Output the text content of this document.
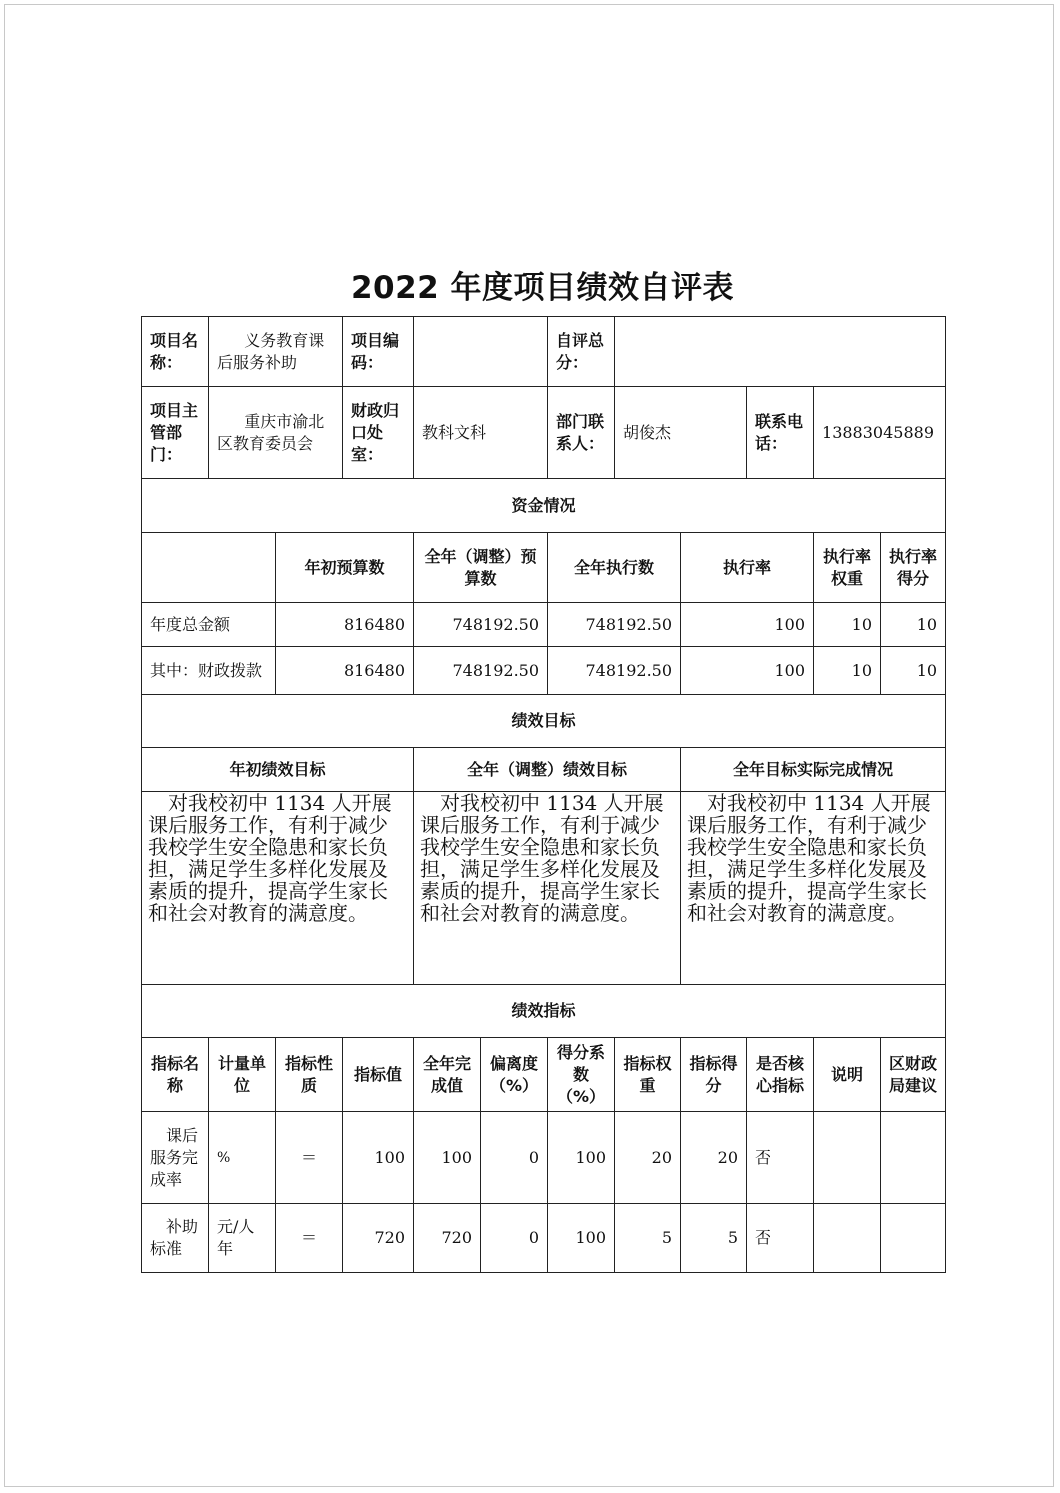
2022 年度项目绩效自评表
项目名称：	义务教育课后服务补助		项目编码：			自评总分：					
项目主管部门：	重庆市渝北区教育委员会		财政归口处室：	教科文科		部门联系人：	胡俊杰		联系电话：	13883045889	
资金情况											
		年初预算数		全年（调整）预算数		全年执行数		执行率		执行率权重	执行率得分
年度总金额		816480		748192.50		748192.50		100		10	10
其中：财政拨款		816480		748192.50		748192.50		100		10	10
绩效目标											
年初绩效目标				全年（调整）绩效目标				全年目标实际完成情况			
对我校初中 1134 人开展课后服务工作，有利于减少我校学生安全隐患和家长负担，满足学生多样化发展及素质的提升，提高学生家长和社会对教育的满意度。				对我校初中 1134 人开展课后服务工作，有利于减少我校学生安全隐患和家长负担，满足学生多样化发展及素质的提升，提高学生家长和社会对教育的满意度。				对我校初中 1134 人开展课后服务工作，有利于减少我校学生安全隐患和家长负担，满足学生多样化发展及素质的提升，提高学生家长和社会对教育的满意度。			
绩效指标											
指标名称	计量单位	指标性质	指标值	全年完成值	偏离度（%）	得分系数（%）	指标权重	指标得分	是否核心指标	说明	区财政局建议
课后服务完成率	%	＝	100	100	0	100	20	20	否		
补助标准	元/人年	＝	720	720	0	100	5	5	否		
